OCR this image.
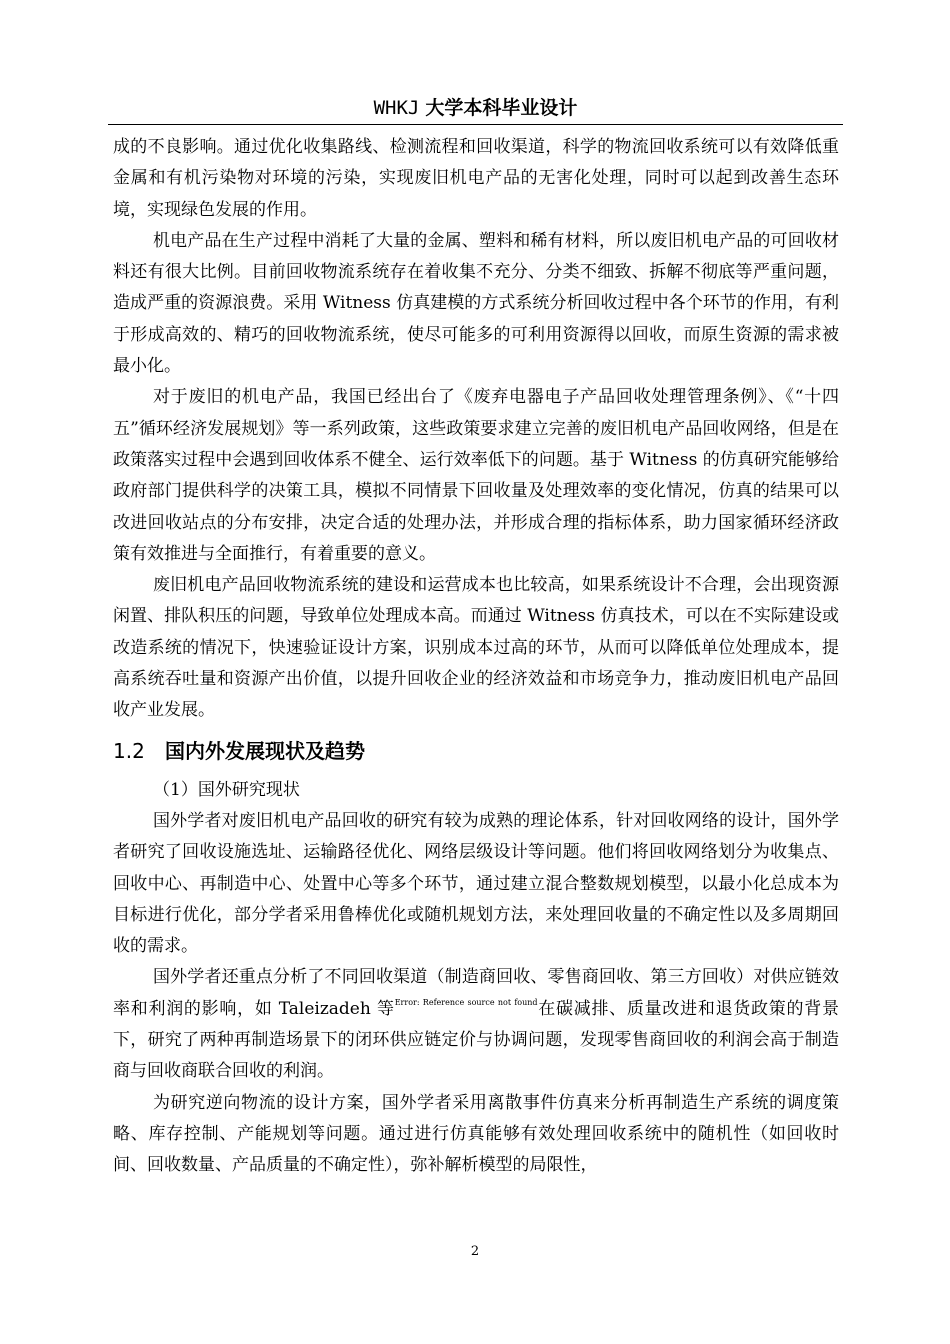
WHKJ 大学本科毕业设计

成的不良影响。通过优化收集路线、检测流程和回收渠道，科学的物流回收系统可以有效降低重金属和有机污染物对环境的污染，实现废旧机电产品的无害化处理，同时可以起到改善生态环境，实现绿色发展的作用。

机电产品在生产过程中消耗了大量的金属、塑料和稀有材料，所以废旧机电产品的可回收材料还有很大比例。目前回收物流系统存在着收集不充分、分类不细致、拆解不彻底等严重问题，造成严重的资源浪费。采用 Witness 仿真建模的方式系统分析回收过程中各个环节的作用，有利于形成高效的、精巧的回收物流系统，使尽可能多的可利用资源得以回收，而原生资源的需求被最小化。

对于废旧的机电产品，我国已经出台了《废弃电器电子产品回收处理管理条例》、《“十四五”循环经济发展规划》等一系列政策，这些政策要求建立完善的废旧机电产品回收网络，但是在政策落实过程中会遇到回收体系不健全、运行效率低下的问题。基于 Witness 的仿真研究能够给政府部门提供科学的决策工具，模拟不同情景下回收量及处理效率的变化情况，仿真的结果可以改进回收站点的分布安排，决定合适的处理办法，并形成合理的指标体系，助力国家循环经济政策有效推进与全面推行，有着重要的意义。

废旧机电产品回收物流系统的建设和运营成本也比较高，如果系统设计不合理，会出现资源闲置、排队积压的问题，导致单位处理成本高。而通过 Witness 仿真技术，可以在不实际建设或改造系统的情况下，快速验证设计方案，识别成本过高的环节，从而可以降低单位处理成本，提高系统吞吐量和资源产出价值，以提升回收企业的经济效益和市场竞争力，推动废旧机电产品回收产业发展。

1.2 国内外发展现状及趋势

（1）国外研究现状

国外学者对废旧机电产品回收的研究有较为成熟的理论体系，针对回收网络的设计，国外学者研究了回收设施选址、运输路径优化、网络层级设计等问题。他们将回收网络划分为收集点、回收中心、再制造中心、处置中心等多个环节，通过建立混合整数规划模型，以最小化总成本为目标进行优化，部分学者采用鲁棒优化或随机规划方法，来处理回收量的不确定性以及多周期回收的需求。

国外学者还重点分析了不同回收渠道（制造商回收、零售商回收、第三方回收）对供应链效率和利润的影响，如 Taleizadeh 等$^{Error: Reference source not found}$在碳减排、质量改进和退货政策的背景下，研究了两种再制造场景下的闭环供应链定价与协调问题，发现零售商回收的利润会高于制造商与回收商联合回收的利润。

为研究逆向物流的设计方案，国外学者采用离散事件仿真来分析再制造生产系统的调度策略、库存控制、产能规划等问题。通过进行仿真能够有效处理回收系统中的随机性（如回收时间、回收数量、产品质量的不确定性），弥补解析模型的局限性，

2
